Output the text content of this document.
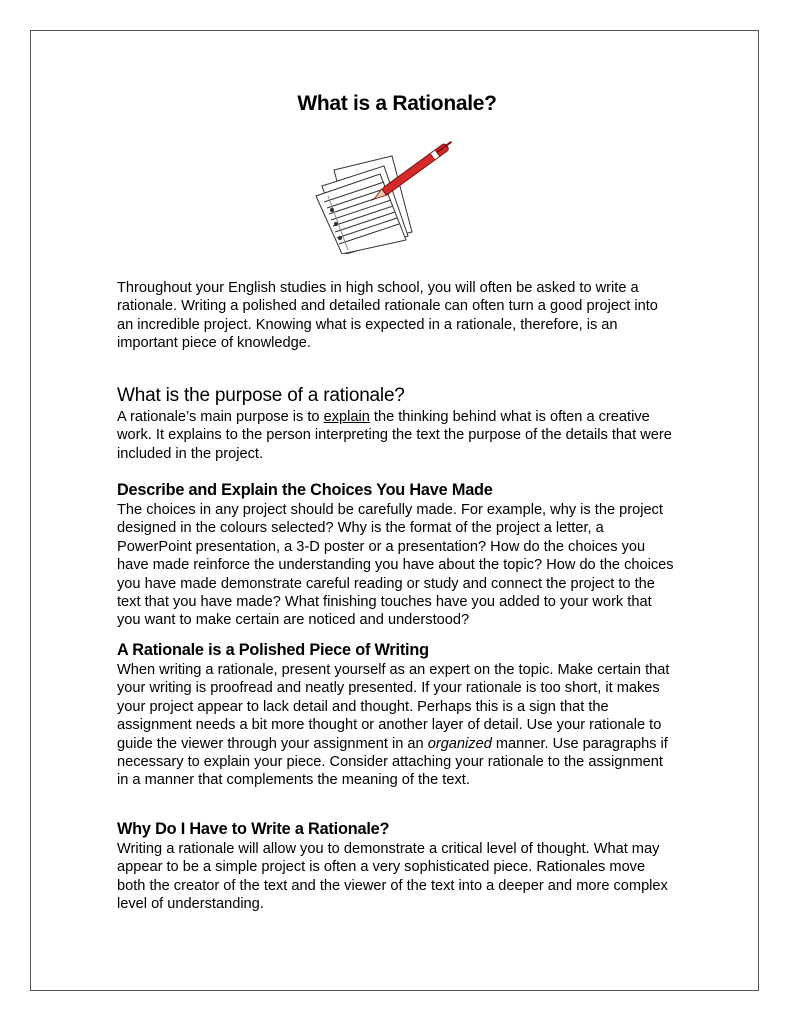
What is a Rationale?

Throughout your English studies in high school, you will often be asked to write a rationale. Writing a polished and detailed rationale can often turn a good project into an incredible project. Knowing what is expected in a rationale, therefore, is an important piece of knowledge.

What is the purpose of a rationale?

A rationale’s main purpose is to explain the thinking behind what is often a creative work. It explains to the person interpreting the text the purpose of the details that were included in the project.

Describe and Explain the Choices You Have Made

The choices in any project should be carefully made. For example, why is the project designed in the colours selected? Why is the format of the project a letter, a PowerPoint presentation, a 3-D poster or a presentation? How do the choices you have made reinforce the understanding you have about the topic? How do the choices you have made demonstrate careful reading or study and connect the project to the text that you have made? What finishing touches have you added to your work that you want to make certain are noticed and understood?

A Rationale is a Polished Piece of Writing

When writing a rationale, present yourself as an expert on the topic. Make certain that your writing is proofread and neatly presented. If your rationale is too short, it makes your project appear to lack detail and thought. Perhaps this is a sign that the assignment needs a bit more thought or another layer of detail. Use your rationale to guide the viewer through your assignment in an organized manner. Use paragraphs if necessary to explain your piece. Consider attaching your rationale to the assignment in a manner that complements the meaning of the text.

Why Do I Have to Write a Rationale?

Writing a rationale will allow you to demonstrate a critical level of thought. What may appear to be a simple project is often a very sophisticated piece. Rationales move both the creator of the text and the viewer of the text into a deeper and more complex level of understanding.
